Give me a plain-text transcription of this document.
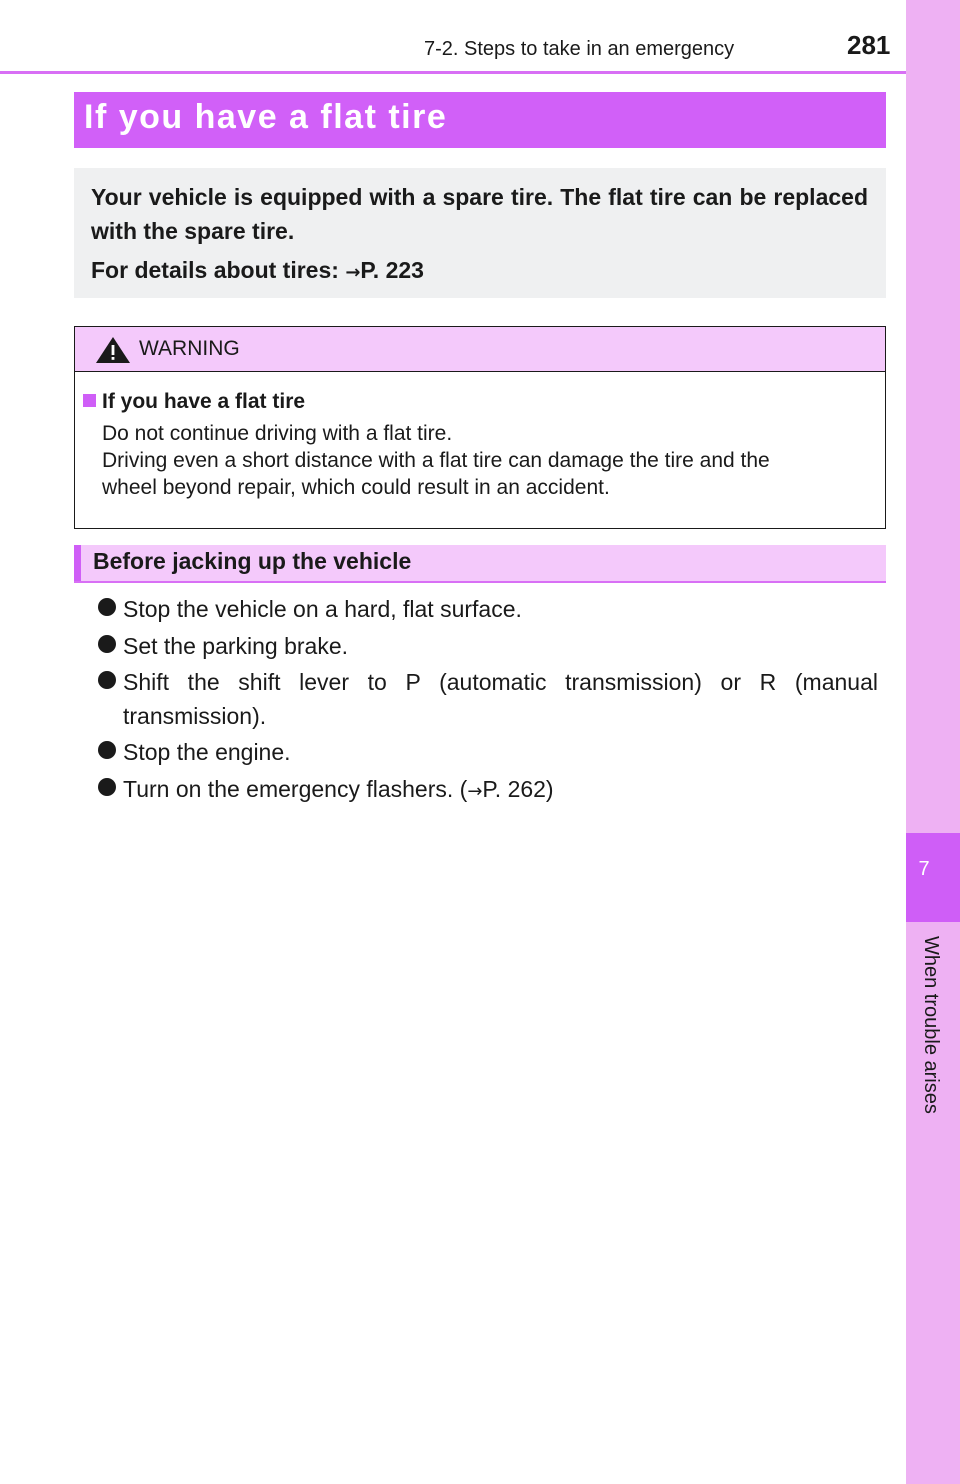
7
When trouble arises
7-2. Steps to take in an emergency	281
If you have a flat tire
Your vehicle is equipped with a spare tire. The flat tire can be replaced with the spare tire.
For details about tires: →P. 223
WARNING
If you have a flat tire
Do not continue driving with a flat tire.
Driving even a short distance with a flat tire can damage the tire and the
wheel beyond repair, which could result in an accident.
Before jacking up the vehicle
Stop the vehicle on a hard, flat surface.
Set the parking brake.
Shift the shift lever to P (automatic transmission) or R (manual
transmission).
Stop the engine.
Turn on the emergency flashers. (→P. 262)
